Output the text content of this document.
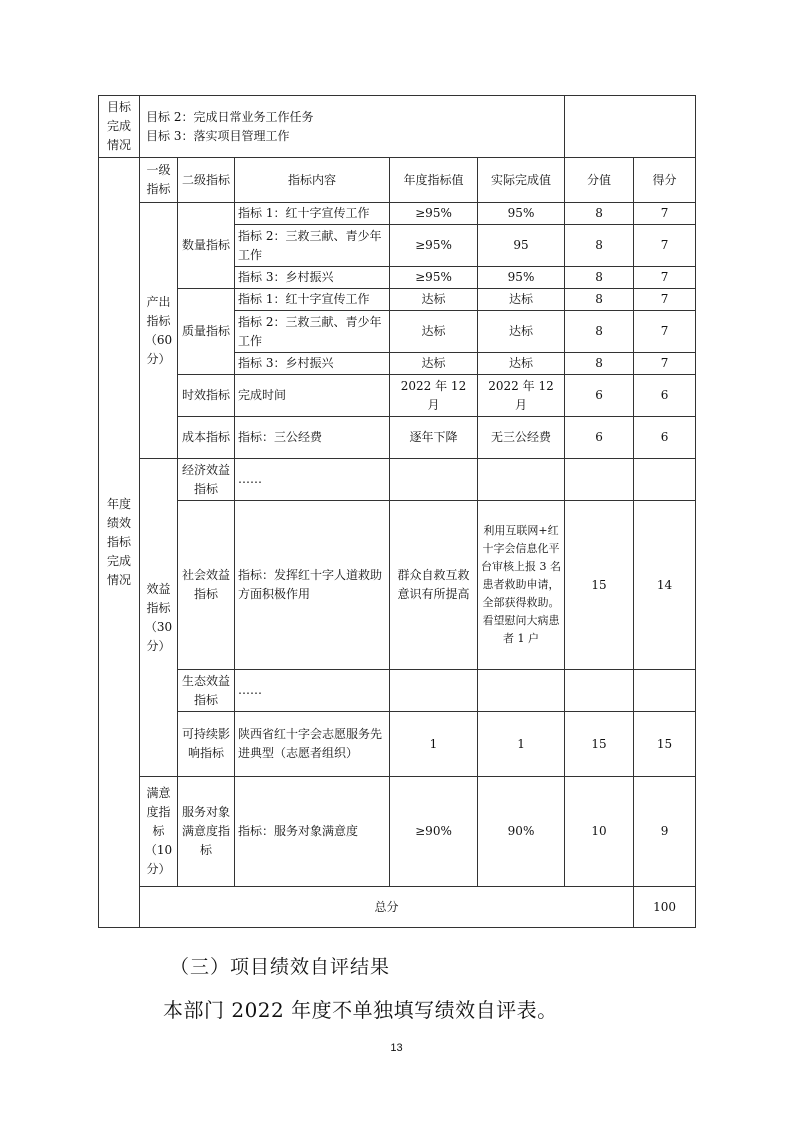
目标完成情况	目标 2：完成日常业务工作任务
目标 3：落实项目管理工作							

年度绩效指标完成情况	一级指标	二级指标	指标内容	年度指标值	实际完成值	分值	得分	
	产出指标（60分）	数量指标	指标 1：红十字宣传工作	≥95%	95%	8	7	
			指标 2：三救三献、青少年工作	≥95%	95	8	7	
			指标 3：乡村振兴	≥95%	95%	8	7	
		质量指标	指标 1：红十字宣传工作	达标	达标	8	7	
			指标 2：三救三献、青少年工作	达标	达标	8	7	
			指标 3：乡村振兴	达标	达标	8	7	
		时效指标	完成时间	2022 年 12 月	2022 年 12 月	6	6	
		成本指标	指标：三公经费	逐年下降	无三公经费	6	6	
	效益指标（30分）	经济效益指标	……					
		社会效益指标	指标：发挥红十字人道救助方面积极作用	群众自救互救意识有所提高	利用互联网+红十字会信息化平台审核上报 3 名患者救助申请，全部获得救助。看望慰问大病患者 1 户	15	14	
		生态效益指标	……					
		可持续影响指标	陕西省红十字会志愿服务先进典型（志愿者组织）	1	1	15	15	
	满意度指标（10分）	服务对象满意度指标	指标：服务对象满意度	≥90%	90%	10	9	
	总分						100	
（三）项目绩效自评结果
本部门 2022 年度不单独填写绩效自评表。
13
